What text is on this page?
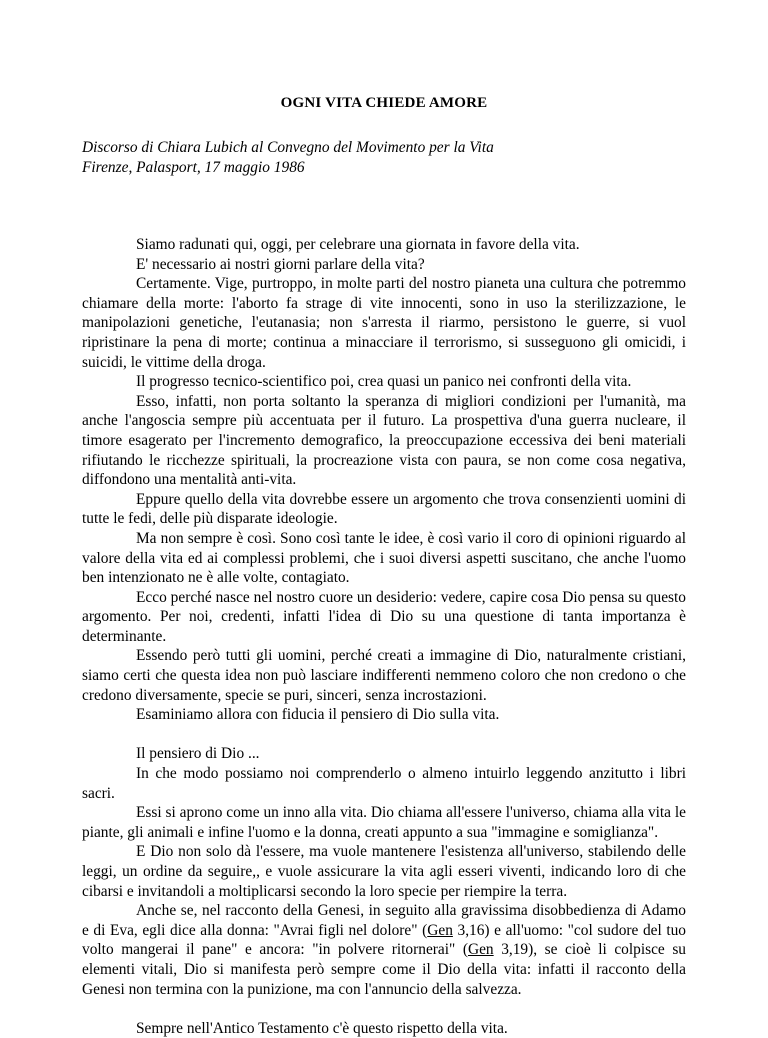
OGNI VITA CHIEDE AMORE
Discorso di Chiara Lubich al Convegno del Movimento per la Vita
Firenze, Palasport, 17 maggio 1986

Siamo radunati qui, oggi, per celebrare una giornata in favore della vita.

E' necessario ai nostri giorni parlare della vita?

Certamente. Vige, purtroppo, in molte parti del nostro pianeta una cultura che potremmo chiamare della morte: l'aborto fa strage di vite innocenti, sono in uso la sterilizzazione, le manipolazioni genetiche, l'eutanasia; non s'arresta il riarmo, persistono le guerre, si vuol ripristinare la pena di morte; continua a minacciare il terrorismo, si susseguono gli omicidi, i suicidi, le vittime della droga.

Il progresso tecnico-scientifico poi, crea quasi un panico nei confronti della vita.

Esso, infatti, non porta soltanto la speranza di migliori condizioni per l'umanità, ma anche l'angoscia sempre più accentuata per il futuro. La prospettiva d'una guerra nucleare, il timore esagerato per l'incremento demografico, la preoccupazione eccessiva dei beni materiali rifiutando le ricchezze spirituali, la procreazione vista con paura, se non come cosa negativa, diffondono una mentalità anti-vita.

Eppure quello della vita dovrebbe essere un argomento che trova consenzienti uomini di tutte le fedi, delle più disparate ideologie.

Ma non sempre è così. Sono così tante le idee, è così vario il coro di opinioni riguardo al valore della vita ed ai complessi problemi, che i suoi diversi aspetti suscitano, che anche l'uomo ben intenzionato ne è alle volte, contagiato.

Ecco perché nasce nel nostro cuore un desiderio: vedere, capire cosa Dio pensa su questo argomento. Per noi, credenti, infatti l'idea di Dio su una questione di tanta importanza è determinante.

Essendo però tutti gli uomini, perché creati a immagine di Dio, naturalmente cristiani, siamo certi che questa idea non può lasciare indifferenti nemmeno coloro che non credono o che credono diversamente, specie se puri, sinceri, senza incrostazioni.

Esaminiamo allora con fiducia il pensiero di Dio sulla vita.

Il pensiero di Dio ...

In che modo possiamo noi comprenderlo o almeno intuirlo leggendo anzitutto i libri sacri.

Essi si aprono come un inno alla vita. Dio chiama all'essere l'universo, chiama alla vita le piante, gli animali e infine l'uomo e la donna, creati appunto a sua "immagine e somiglianza".

E Dio non solo dà l'essere, ma vuole mantenere l'esistenza all'universo, stabilendo delle leggi, un ordine da seguire,, e vuole assicurare la vita agli esseri viventi, indicando loro di che cibarsi e invitandoli a moltiplicarsi secondo la loro specie per riempire la terra.

Anche se, nel racconto della Genesi, in seguito alla gravissima disobbedienza di Adamo e di Eva, egli dice alla donna: "Avrai figli nel dolore" (Gen 3,16) e all'uomo: "col sudore del tuo volto mangerai il pane" e ancora: "in polvere ritornerai" (Gen 3,19), se cioè li colpisce su elementi vitali, Dio si manifesta però sempre come il Dio della vita: infatti il racconto della Genesi non termina con la punizione, ma con l'annuncio della salvezza.

Sempre nell'Antico Testamento c'è questo rispetto della vita.
